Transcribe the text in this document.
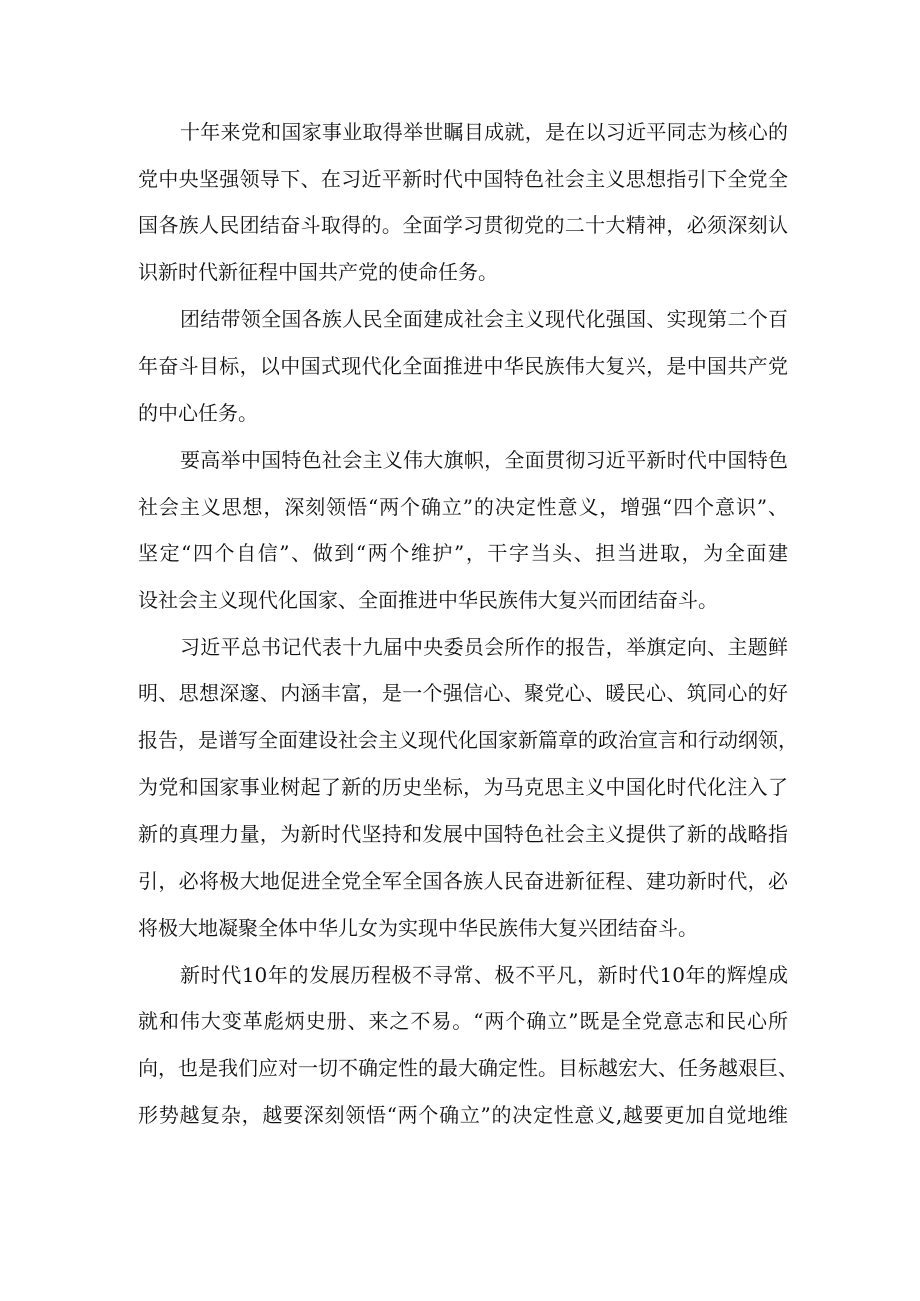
十年来党和国家事业取得举世瞩目成就，是在以习近平同志为核心的
党中央坚强领导下、在习近平新时代中国特色社会主义思想指引下全党全
国各族人民团结奋斗取得的。全面学习贯彻党的二十大精神，必须深刻认
识新时代新征程中国共产党的使命任务。
团结带领全国各族人民全面建成社会主义现代化强国、实现第二个百
年奋斗目标，以中国式现代化全面推进中华民族伟大复兴，是中国共产党
的中心任务。
要高举中国特色社会主义伟大旗帜，全面贯彻习近平新时代中国特色
社会主义思想，深刻领悟“两个确立”的决定性意义，增强“四个意识”、
坚定“四个自信”、做到“两个维护”，干字当头、担当进取，为全面建
设社会主义现代化国家、全面推进中华民族伟大复兴而团结奋斗。
习近平总书记代表十九届中央委员会所作的报告，举旗定向、主题鲜
明、思想深邃、内涵丰富，是一个强信心、聚党心、暖民心、筑同心的好
报告，是谱写全面建设社会主义现代化国家新篇章的政治宣言和行动纲领，
为党和国家事业树起了新的历史坐标，为马克思主义中国化时代化注入了
新的真理力量，为新时代坚持和发展中国特色社会主义提供了新的战略指
引，必将极大地促进全党全军全国各族人民奋进新征程、建功新时代，必
将极大地凝聚全体中华儿女为实现中华民族伟大复兴团结奋斗。
新时代10年的发展历程极不寻常、极不平凡，新时代10年的辉煌成
就和伟大变革彪炳史册、来之不易。“两个确立”既是全党意志和民心所
向，也是我们应对一切不确定性的最大确定性。目标越宏大、任务越艰巨、
形势越复杂，越要深刻领悟“两个确立”的决定性意义,越要更加自觉地维
